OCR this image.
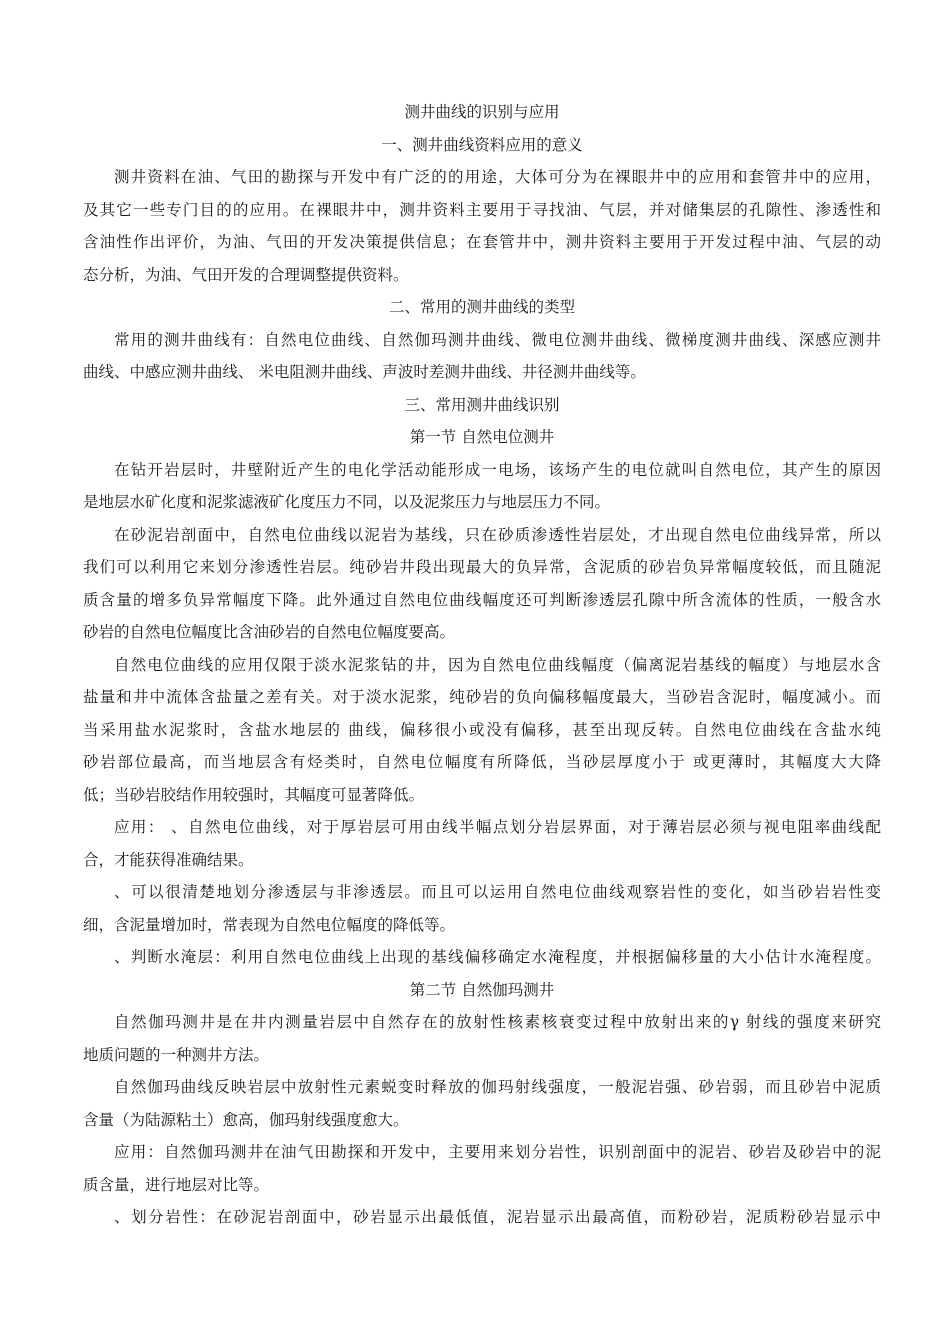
测井曲线的识别与应用
一、测井曲线资料应用的意义
测井资料在油、气田的勘探与开发中有广泛的的用途，大体可分为在裸眼井中的应用和套管井中的应用，
及其它一些专门目的的应用。在裸眼井中，测井资料主要用于寻找油、气层，并对储集层的孔隙性、渗透性和
含油性作出评价，为油、气田的开发决策提供信息；在套管井中，测井资料主要用于开发过程中油、气层的动
态分析，为油、气田开发的合理调整提供资料。
二、常用的测井曲线的类型
常用的测井曲线有：自然电位曲线、自然伽玛测井曲线、微电位测井曲线、微梯度测井曲线、深感应测井
曲线、中感应测井曲线、 米电阻测井曲线、声波时差测井曲线、井径测井曲线等。
三、常用测井曲线识别
第一节 自然电位测井
在钻开岩层时，井壁附近产生的电化学活动能形成一电场，该场产生的电位就叫自然电位，其产生的原因
是地层水矿化度和泥浆滤液矿化度压力不同，以及泥浆压力与地层压力不同。
在砂泥岩剖面中，自然电位曲线以泥岩为基线，只在砂质渗透性岩层处，才出现自然电位曲线异常，所以
我们可以利用它来划分渗透性岩层。纯砂岩井段出现最大的负异常，含泥质的砂岩负异常幅度较低，而且随泥
质含量的增多负异常幅度下降。此外通过自然电位曲线幅度还可判断渗透层孔隙中所含流体的性质，一般含水
砂岩的自然电位幅度比含油砂岩的自然电位幅度要高。
自然电位曲线的应用仅限于淡水泥浆钻的井，因为自然电位曲线幅度（偏离泥岩基线的幅度）与地层水含
盐量和井中流体含盐量之差有关。对于淡水泥浆，纯砂岩的负向偏移幅度最大，当砂岩含泥时，幅度减小。而
当采用盐水泥浆时，含盐水地层的 曲线，偏移很小或没有偏移，甚至出现反转。自然电位曲线在含盐水纯
砂岩部位最高，而当地层含有烃类时，自然电位幅度有所降低，当砂层厚度小于 或更薄时，其幅度大大降
低；当砂岩胶结作用较强时，其幅度可显著降低。
应用： 、自然电位曲线，对于厚岩层可用由线半幅点划分岩层界面，对于薄岩层必须与视电阻率曲线配
合，才能获得准确结果。
、可以很清楚地划分渗透层与非渗透层。而且可以运用自然电位曲线观察岩性的变化，如当砂岩岩性变
细，含泥量增加时，常表现为自然电位幅度的降低等。
、判断水淹层：利用自然电位曲线上出现的基线偏移确定水淹程度，并根据偏移量的大小估计水淹程度。
第二节 自然伽玛测井
自然伽玛测井是在井内测量岩层中自然存在的放射性核素核衰变过程中放射出来的γ 射线的强度来研究
地质问题的一种测井方法。
自然伽玛曲线反映岩层中放射性元素蜕变时释放的伽玛射线强度，一般泥岩强、砂岩弱，而且砂岩中泥质
含量（为陆源粘土）愈高，伽玛射线强度愈大。
应用：自然伽玛测井在油气田勘探和开发中，主要用来划分岩性，识别剖面中的泥岩、砂岩及砂岩中的泥
质含量，进行地层对比等。
、划分岩性：在砂泥岩剖面中，砂岩显示出最低值，泥岩显示出最高值，而粉砂岩，泥质粉砂岩显示中
